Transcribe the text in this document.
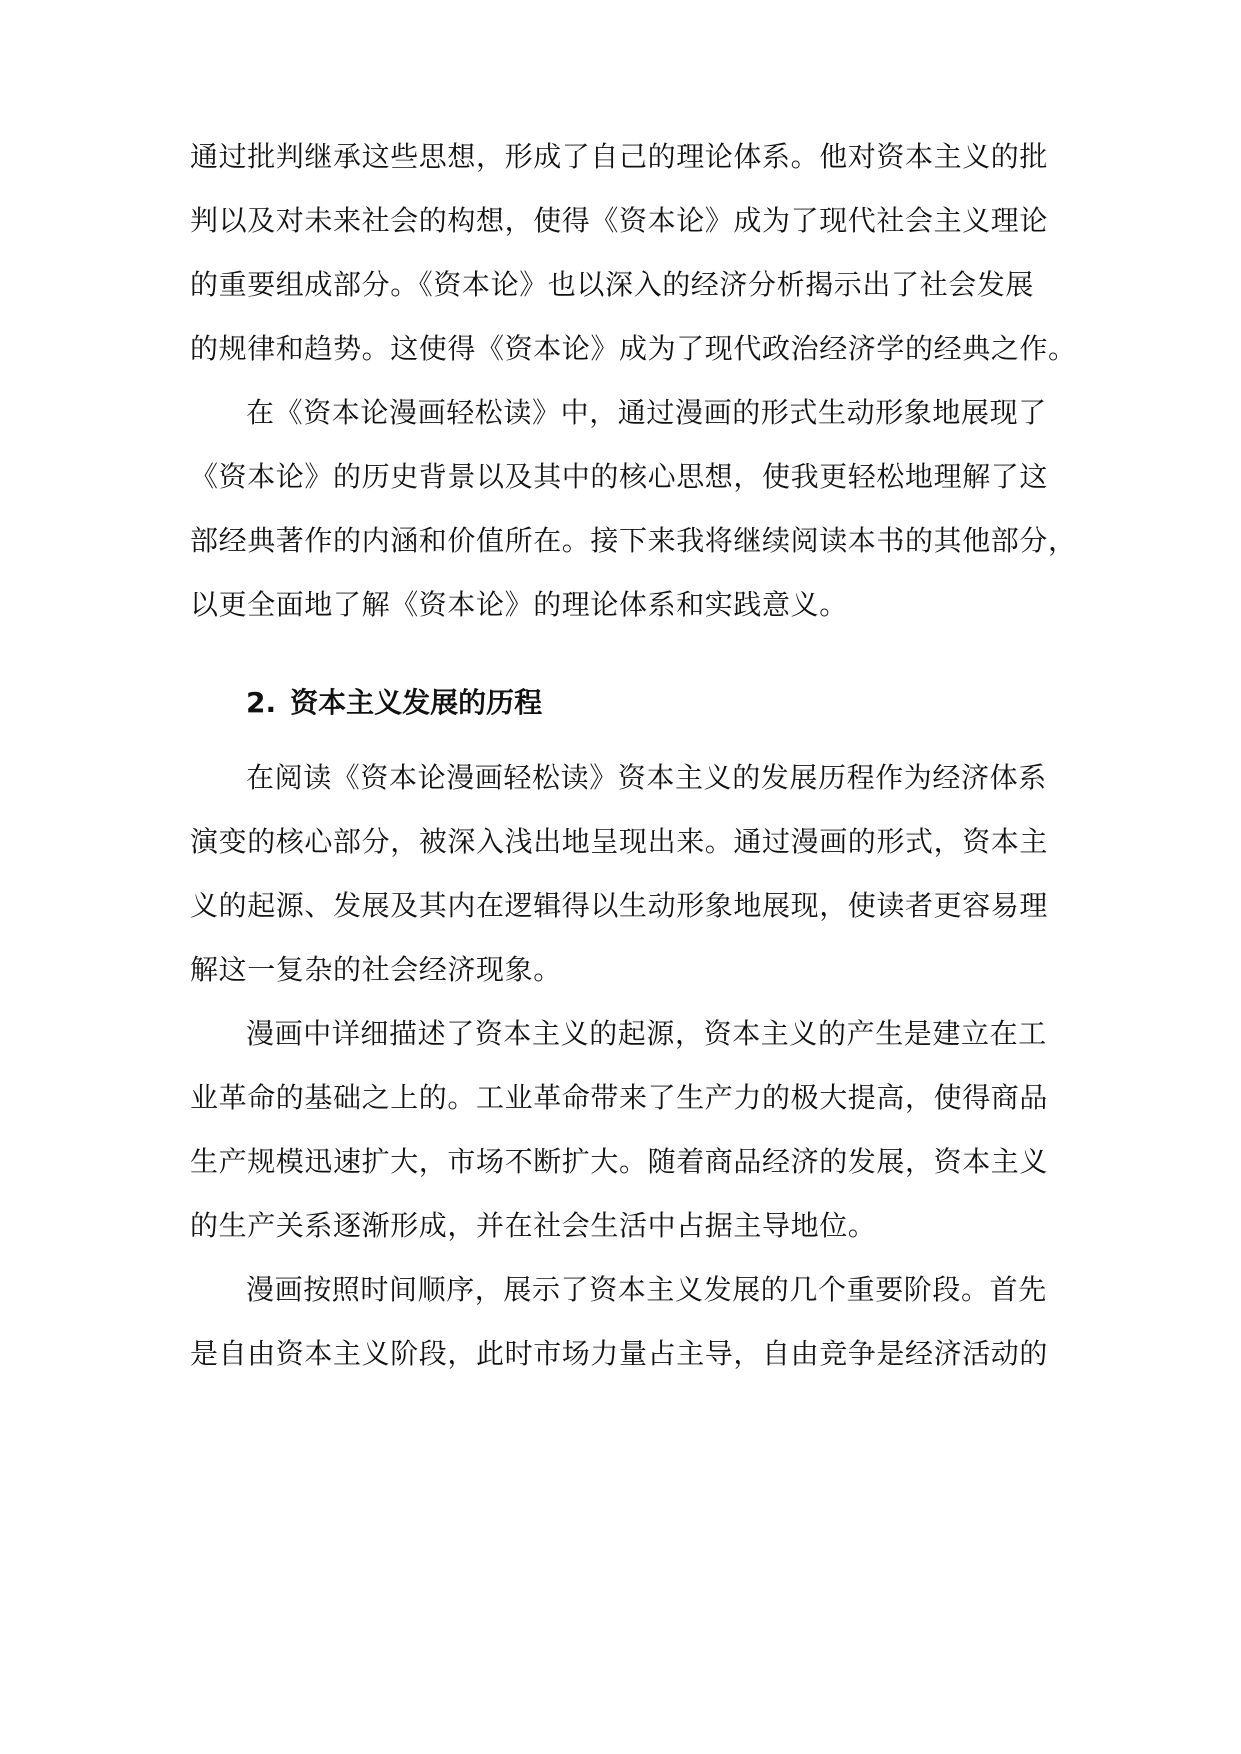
通过批判继承这些思想，形成了自己的理论体系。他对资本主义的批
判以及对未来社会的构想，使得《资本论》成为了现代社会主义理论
的重要组成部分。《资本论》也以深入的经济分析揭示出了社会发展
的规律和趋势。这使得《资本论》成为了现代政治经济学的经典之作。
在《资本论漫画轻松读》中，通过漫画的形式生动形象地展现了
《资本论》的历史背景以及其中的核心思想，使我更轻松地理解了这
部经典著作的内涵和价值所在。接下来我将继续阅读本书的其他部分，
以更全面地了解《资本论》的理论体系和实践意义。
2. 资本主义发展的历程
在阅读《资本论漫画轻松读》资本主义的发展历程作为经济体系
演变的核心部分，被深入浅出地呈现出来。通过漫画的形式，资本主
义的起源、发展及其内在逻辑得以生动形象地展现，使读者更容易理
解这一复杂的社会经济现象。
漫画中详细描述了资本主义的起源，资本主义的产生是建立在工
业革命的基础之上的。工业革命带来了生产力的极大提高，使得商品
生产规模迅速扩大，市场不断扩大。随着商品经济的发展，资本主义
的生产关系逐渐形成，并在社会生活中占据主导地位。
漫画按照时间顺序，展示了资本主义发展的几个重要阶段。首先
是自由资本主义阶段，此时市场力量占主导，自由竞争是经济活动的
